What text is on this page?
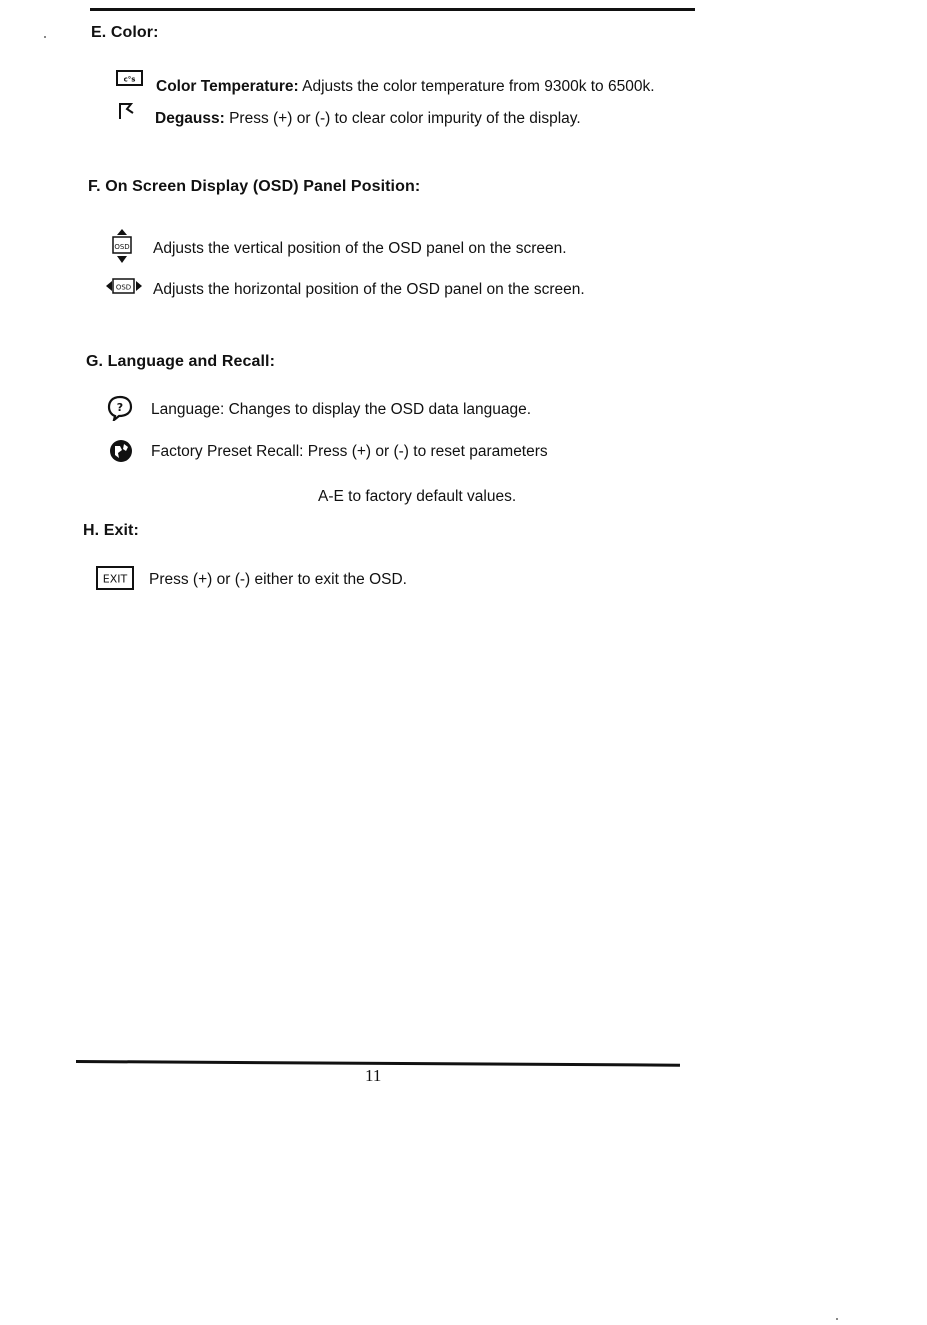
E. Color:
c°s Color Temperature: Adjusts the color temperature from 9300k to 6500k.
Degauss: Press (+) or (-) to clear color impurity of the display.
F. On Screen Display (OSD) Panel Position:
OSD Adjusts the vertical position of the OSD panel on the screen.
OSD Adjusts the horizontal position of the OSD panel on the screen.
G. Language and Recall:
? Language: Changes to display the OSD data language.
Factory Preset Recall: Press (+) or (-) to reset parameters
A-E to factory default values.
H. Exit:
EXIT Press (+) or (-) either to exit the OSD.
11
